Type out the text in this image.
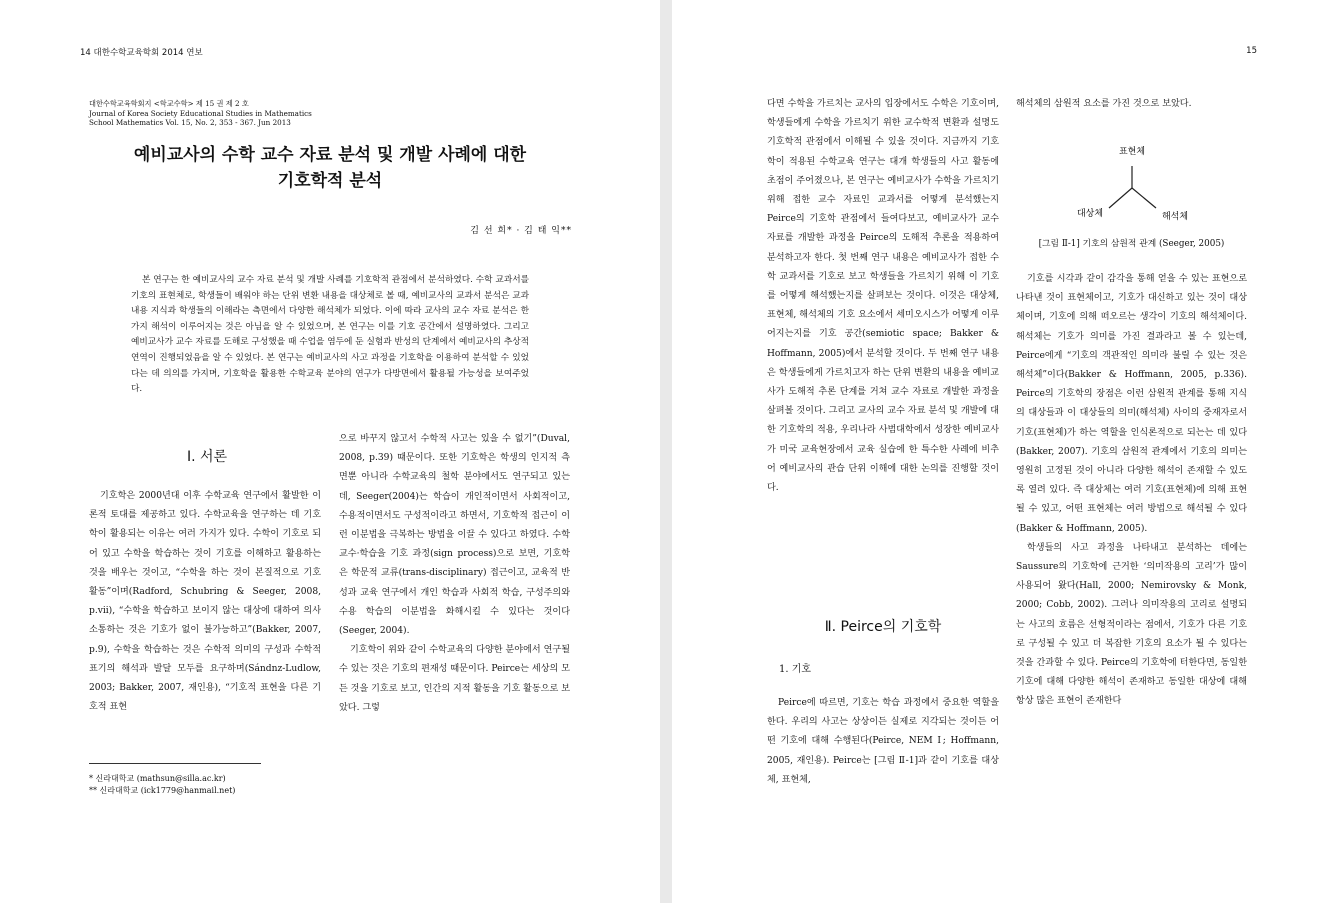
14 대한수학교육학회 2014 연보
대한수학교육학회지 <학교수학> 제 15 권 제 2 호
Journal of Korea Society Educational Studies in Mathematics
School Mathematics Vol. 15, No. 2, 353 - 367. Jun 2013
예비교사의 수학 교수 자료 분석 및 개발 사례에 대한
기호학적 분석
김 선 희* · 김 태 익**
본 연구는 한 예비교사의 교수 자료 분석 및 개발 사례를 기호학적 관점에서 분석하였다. 수학 교과서를 기호의 표현체로, 학생들이 배워야 하는 단위 변환 내용을 대상체로 볼 때, 예비교사의 교과서 분석은 교과 내용 지식과 학생들의 이해라는 측면에서 다양한 해석체가 되었다. 이에 따라 교사의 교수 자료 분석은 한 가지 해석이 이루어지는 것은 아님을 알 수 있었으며, 본 연구는 이를 기호 공간에서 설명하였다. 그리고 예비교사가 교수 자료를 도해로 구성했을 때 수업을 염두에 둔 실험과 반성의 단계에서 예비교사의 추상적 연역이 진행되었음을 알 수 있었다. 본 연구는 예비교사의 사고 과정을 기호학을 이용하여 분석할 수 있었다는 데 의의를 가지며, 기호학을 활용한 수학교육 분야의 연구가 다방면에서 활용될 가능성을 보여주었다.
Ⅰ. 서론

기호학은 2000년대 이후 수학교육 연구에서 활발한 이론적 토대를 제공하고 있다. 수학교육을 연구하는 데 기호학이 활용되는 이유는 여러 가지가 있다. 수학이 기호로 되어 있고 수학을 학습하는 것이 기호를 이해하고 활용하는 것을 배우는 것이고, “수학을 하는 것이 본질적으로 기호 활동”이며(Radford, Schubring & Seeger, 2008, p.vii), “수학을 학습하고 보이지 않는 대상에 대하여 의사소통하는 것은 기호가 없이 불가능하고”(Bakker, 2007, p.9), 수학을 학습하는 것은 수학적 의미의 구성과 수학적 표기의 해석과 발달 모두를 요구하며(Sándnz-Ludlow, 2003; Bakker, 2007, 재인용), “기호적 표현을 다른 기호적 표현

으로 바꾸지 않고서 수학적 사고는 있을 수 없기”(Duval, 2008, p.39) 때문이다. 또한 기호학은 학생의 인지적 측면뿐 아니라 수학교육의 철학 분야에서도 연구되고 있는데, Seeger(2004)는 학습이 개인적이면서 사회적이고, 수용적이면서도 구성적이라고 하면서, 기호학적 접근이 이런 이분법을 극복하는 방법을 이끌 수 있다고 하였다. 수학 교수·학습을 기호 과정(sign process)으로 보면, 기호학은 학문적 교류(trans-disciplinary) 접근이고, 교육적 반성과 교육 연구에서 개인 학습과 사회적 학습, 구성주의와 수용 학습의 이분법을 화해시킬 수 있다는 것이다(Seeger, 2004).

기호학이 위와 같이 수학교육의 다양한 분야에서 연구될 수 있는 것은 기호의 편재성 때문이다. Peirce는 세상의 모든 것을 기호로 보고, 인간의 지적 활동을 기호 활동으로 보았다. 그렇

* 신라대학교 (mathsun@silla.ac.kr)
** 신라대학교 (ick1779@hanmail.net)
15

다면 수학을 가르치는 교사의 입장에서도 수학은 기호이며, 학생들에게 수학을 가르치기 위한 교수학적 변환과 설명도 기호학적 관점에서 이해될 수 있을 것이다. 지금까지 기호학이 적용된 수학교육 연구는 대개 학생들의 사고 활동에 초점이 주어졌으나, 본 연구는 예비교사가 수학을 가르치기 위해 접한 교수 자료인 교과서를 어떻게 분석했는지 Peirce의 기호학 관점에서 들여다보고, 예비교사가 교수 자료를 개발한 과정을 Peirce의 도해적 추론을 적용하여 분석하고자 한다. 첫 번째 연구 내용은 예비교사가 접한 수학 교과서를 기호로 보고 학생들을 가르치기 위해 이 기호를 어떻게 해석했는지를 살펴보는 것이다. 이것은 대상체, 표현체, 해석체의 기호 요소에서 세미오시스가 어떻게 이루어지는지를 기호 공간(semiotic space; Bakker & Hoffmann, 2005)에서 분석할 것이다. 두 번째 연구 내용은 학생들에게 가르치고자 하는 단위 변환의 내용을 예비교사가 도해적 추론 단계를 거쳐 교수 자료로 개발한 과정을 살펴볼 것이다. 그리고 교사의 교수 자료 분석 및 개발에 대한 기호학의 적용, 우리나라 사범대학에서 성장한 예비교사가 미국 교육현장에서 교육 실습에 한 특수한 사례에 비추어 예비교사의 관습 단위 이해에 대한 논의를 진행할 것이다.

Ⅱ. Peirce의 기호학
1. 기호

Peirce에 따르면, 기호는 학습 과정에서 중요한 역할을 한다. 우리의 사고는 상상이든 실제로 지각되는 것이든 어떤 기호에 대해 수행된다(Peirce, NEM Ⅰ; Hoffmann, 2005, 재인용). Peirce는 [그림 Ⅱ-1]과 같이 기호를 대상체, 표현체,

해석체의 삼원적 요소를 가진 것으로 보았다.

표현체
대상체	해석체
[그림 Ⅱ-1] 기호의 삼원적 관계 (Seeger, 2005)

기호를 시각과 같이 감각을 통해 얻을 수 있는 표현으로 나타낸 것이 표현체이고, 기호가 대신하고 있는 것이 대상체이며, 기호에 의해 떠오르는 생각이 기호의 해석체이다. 해석체는 기호가 의미를 가진 결과라고 볼 수 있는데, Peirce에게 “기호의 객관적인 의미라 불릴 수 있는 것은 해석체”이다(Bakker & Hoffmann, 2005, p.336). Peirce의 기호학의 장점은 이런 삼원적 관계를 통해 지식의 대상들과 이 대상들의 의미(해석체) 사이의 중재자로서 기호(표현체)가 하는 역할을 인식론적으로 되는는 데 있다(Bakker, 2007). 기호의 삼원적 관계에서 기호의 의미는 영원히 고정된 것이 아니라 다양한 해석이 존재할 수 있도록 열려 있다. 즉 대상체는 여러 기호(표현체)에 의해 표현될 수 있고, 어떤 표현체는 여러 방법으로 해석될 수 있다(Bakker & Hoffmann, 2005).

학생들의 사고 과정을 나타내고 분석하는 데에는 Saussure의 기호학에 근거한 ‘의미작용의 고리’가 많이 사용되어 왔다(Hall, 2000; Nemirovsky & Monk, 2000; Cobb, 2002). 그러나 의미작용의 고리로 설명되는 사고의 흐름은 선형적이라는 점에서, 기호가 다른 기호로 구성될 수 있고 더 복잡한 기호의 요소가 될 수 있다는 것을 간과할 수 있다. Peirce의 기호학에 터한다면, 동일한 기호에 대해 다양한 해석이 존재하고 동일한 대상에 대해 항상 많은 표현이 존재한다
